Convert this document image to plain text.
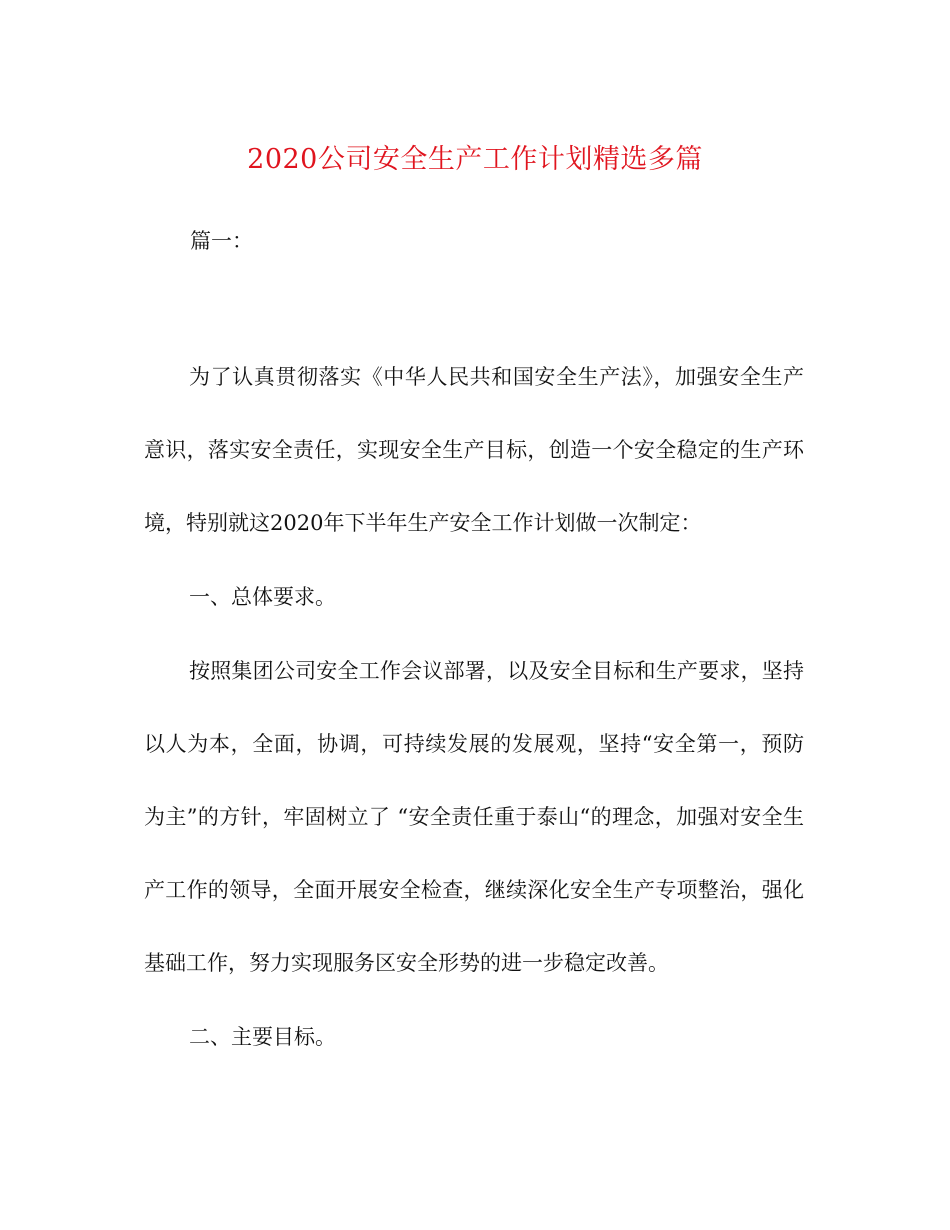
2020公司安全生产工作计划精选多篇
篇一：

为了认真贯彻落实《中华人民共和国安全生产法》，加强安全生产意识，落实安全责任，实现安全生产目标，创造一个安全稳定的生产环境，特别就这2020年下半年生产安全工作计划做一次制定：

一、总体要求。

按照集团公司安全工作会议部署，以及安全目标和生产要求，坚持以人为本，全面，协调，可持续发展的发展观，坚持“安全第一，预防为主”的方针，牢固树立了 “安全责任重于泰山“的理念，加强对安全生产工作的领导，全面开展安全检查，继续深化安全生产专项整治，强化基础工作，努力实现服务区安全形势的进一步稳定改善。

二、主要目标。
